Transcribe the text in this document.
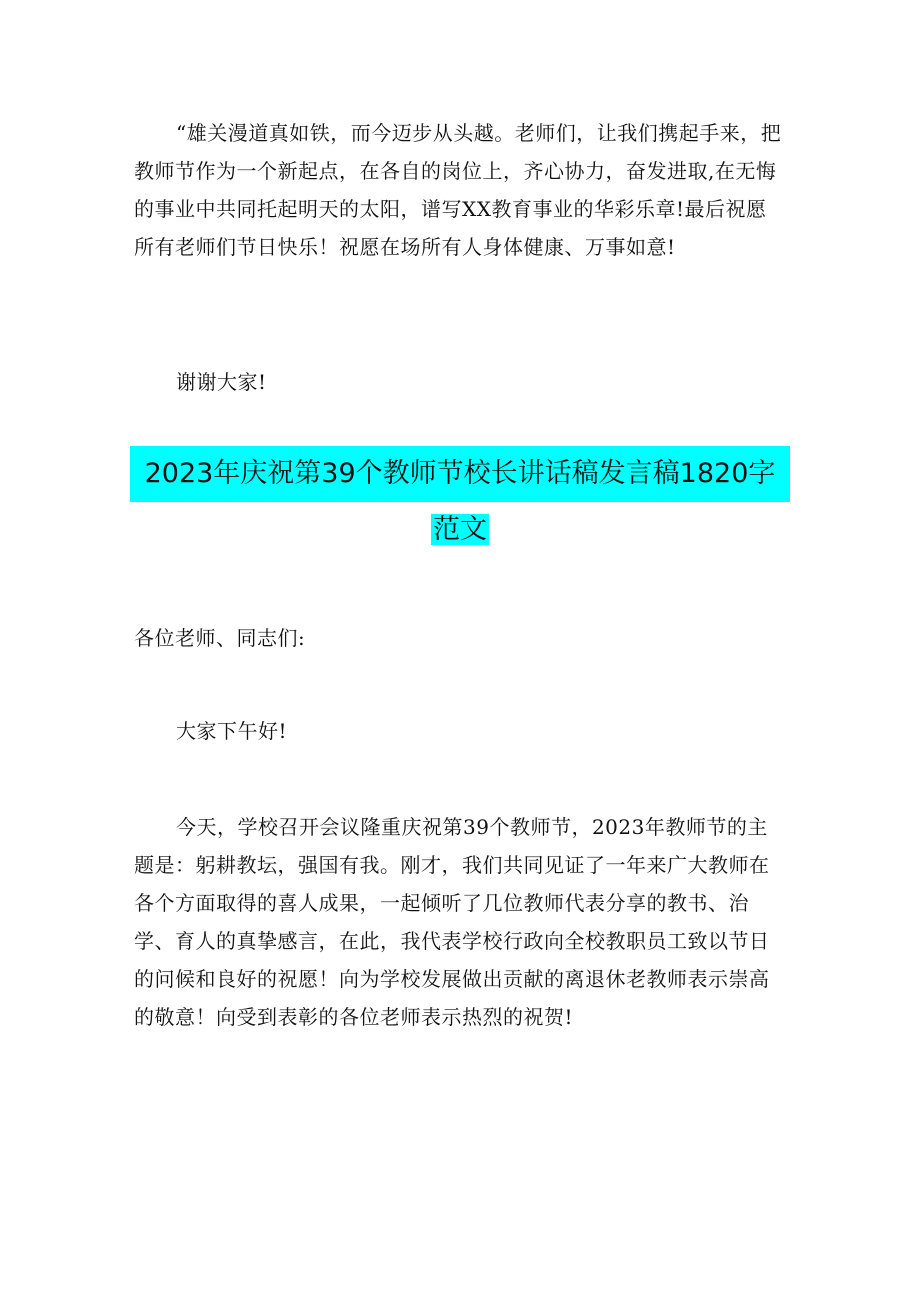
“雄关漫道真如铁，而今迈步从头越。老师们，让我们携起手来，把教师节作为一个新起点，在各自的岗位上，齐心协力，奋发进取,在无悔的事业中共同托起明天的太阳，谱写XX教育事业的华彩乐章!最后祝愿所有老师们节日快乐！祝愿在场所有人身体健康、万事如意!

谢谢大家!

2023年庆祝第39个教师节校长讲话稿发言稿1820字
范文

各位老师、同志们:

大家下午好!

今天，学校召开会议隆重庆祝第39个教师节，2023年教师节的主题是：躬耕教坛，强国有我。刚才，我们共同见证了一年来广大教师在各个方面取得的喜人成果，一起倾听了几位教师代表分享的教书、治学、育人的真挚感言，在此，我代表学校行政向全校教职员工致以节日的问候和良好的祝愿！向为学校发展做出贡献的离退休老教师表示崇高的敬意！向受到表彰的各位老师表示热烈的祝贺!
